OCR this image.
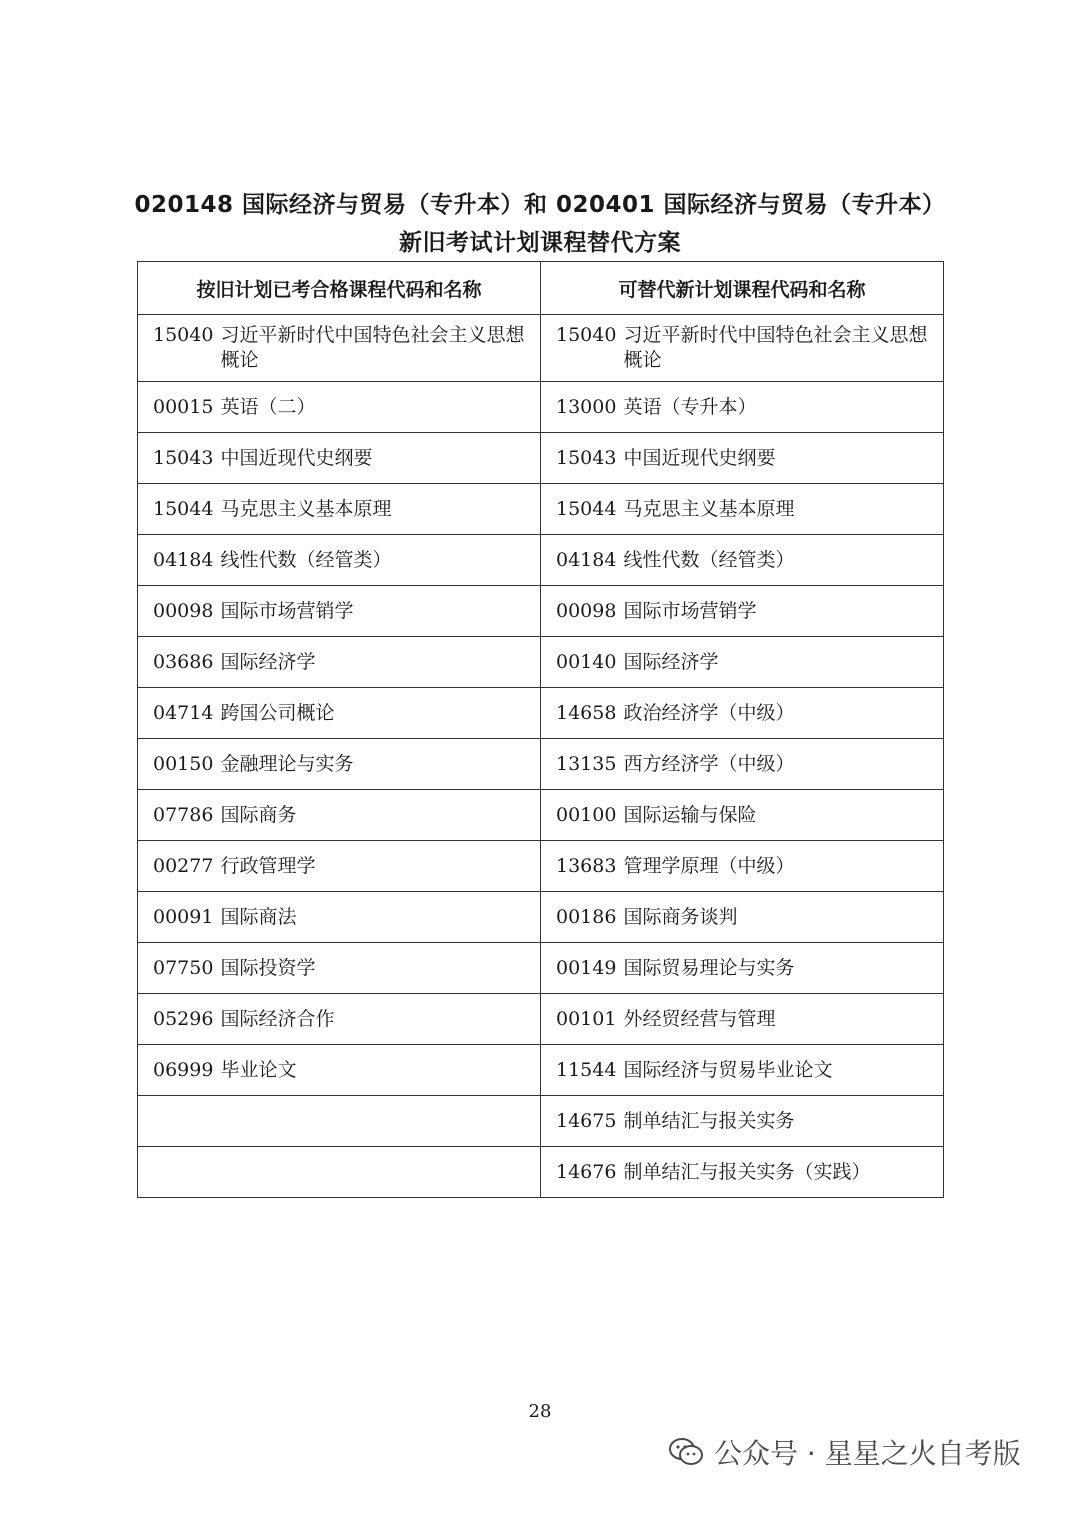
020148 国际经济与贸易（专升本）和 020401 国际经济与贸易（专升本）
新旧考试计划课程替代方案
按旧计划已考合格课程代码和名称	可替代新计划课程代码和名称

15040 习近平新时代中国特色社会主义思想概论	15040 习近平新时代中国特色社会主义思想概论

00015 英语（二）	13000 英语（专升本）

15043 中国近现代史纲要	15043 中国近现代史纲要

15044 马克思主义基本原理	15044 马克思主义基本原理

04184 线性代数（经管类）	04184 线性代数（经管类）

00098 国际市场营销学	00098 国际市场营销学

03686 国际经济学	00140 国际经济学

04714 跨国公司概论	14658 政治经济学（中级）

00150 金融理论与实务	13135 西方经济学（中级）

07786 国际商务	00100 国际运输与保险

00277 行政管理学	13683 管理学原理（中级）

00091 国际商法	00186 国际商务谈判

07750 国际投资学	00149 国际贸易理论与实务

05296 国际经济合作	00101 外经贸经营与管理

06999 毕业论文	11544 国际经济与贸易毕业论文

	14675 制单结汇与报关实务

	14676 制单结汇与报关实务（实践）
28
公众号 · 星星之火自考版
